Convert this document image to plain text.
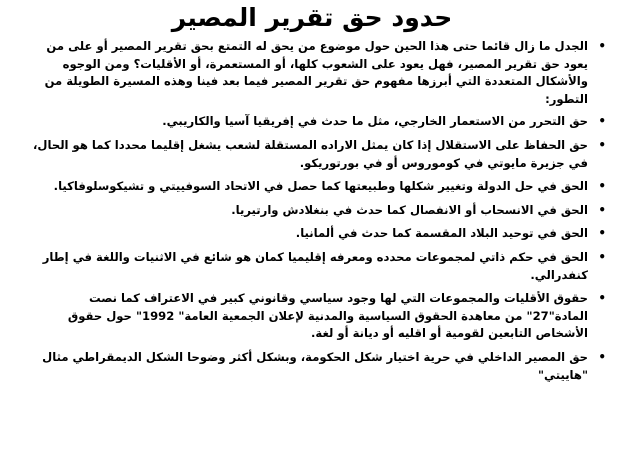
حدود حق تقرير المصير
•
الجدل ما زال قائما حتى هذا الحين حول موضوع من يحق له التمتع بحق تقرير المصير أو على من يعود حق تقرير المصير، فهل يعود على الشعوب كلها، أو المستعمرة، أو الأقليات؟ ومن الوجوه والأشكال المتعددة التي أبرزها مفهوم حق تقرير المصير فيما بعد فينا وهذه المسيرة الطويلة من التطور:
•
حق التحرر من الاستعمار الخارجي، مثل ما حدث في إفريقيا آسيا والكاريبي.
•
حق الحفاظ على الاستقلال إذا كان يمثل الاراده المستقلة لشعب يشغل إقليما محددا كما هو الحال، في جزيرة مايوتي في كوموروس أو في بورتوريكو.
•
الحق في حل الدولة وتغيير شكلها وطبيعتها كما حصل في الاتحاد السوفييتي و تشيكوسلوفاكيا.
•
الحق في الانسحاب أو الانفصال كما حدث في بنغلادش وارتيريا.
•
الحق في توحيد البلاد المقسمة كما حدث في ألمانيا.
•
الحق في حكم ذاتي لمجموعات محدده ومعرفه إقليميا كمان هو شائع في الاثنيات واللغة في إطار كنفدرالي.
•
حقوق الأقليات والمجموعات التي لها وجود سياسي وقانوني كبير في الاعتراف كما نصت المادة"27" من معاهدة الحقوق السياسية والمدنية لإعلان الجمعية العامة" 1992" حول حقوق الأشخاص التابعين لقومية أو اقليه أو ديانة أو لغة.
•
حق المصير الداخلي في حرية اختيار شكل الحكومة، وبشكل أكثر وضوحا الشكل الديمقراطي مثال "هاييتي"
